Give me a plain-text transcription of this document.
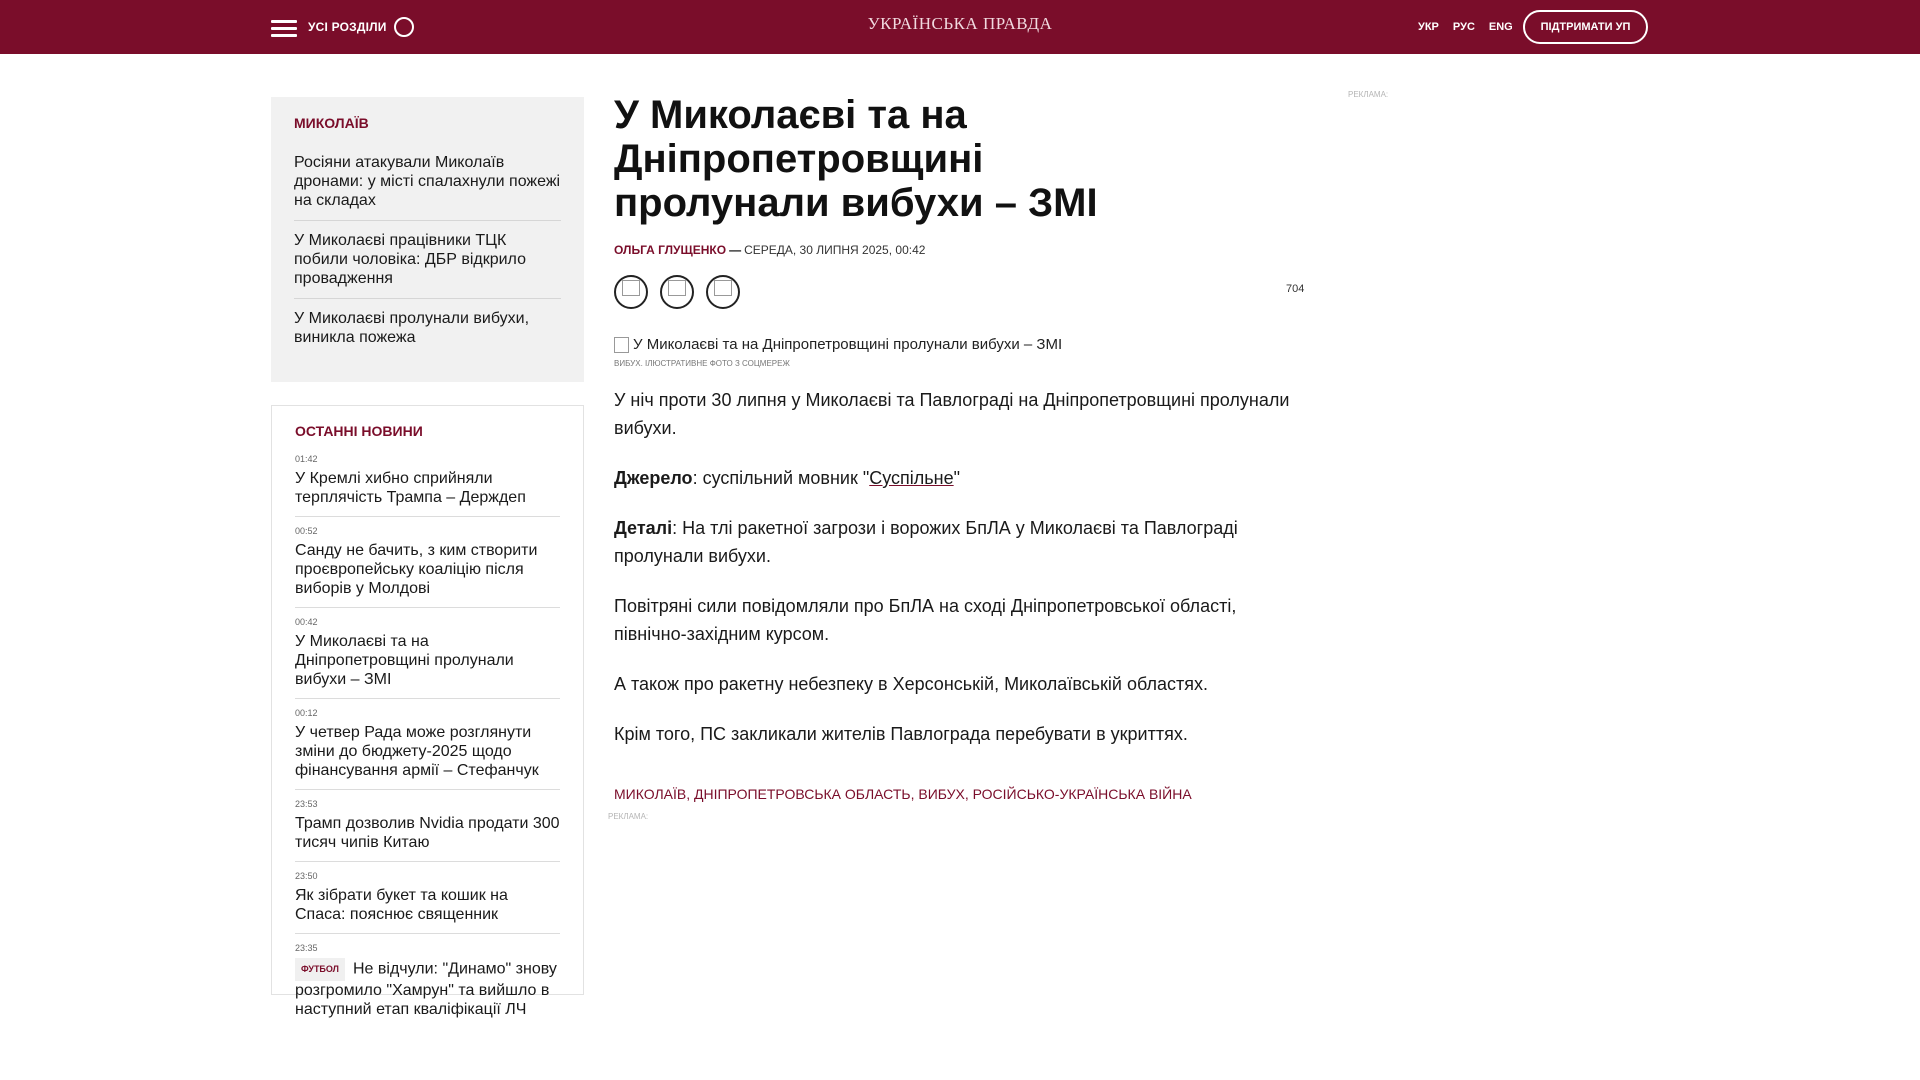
УСІ РОЗДІЛИ	УКРАЇНСЬКА ПРАВДА	УКР РУС ENG	ПІДТРИМАТИ УП
МИКОЛАЇВ
Росіяни атакували Миколаїв дронами: у місті спалахнули пожежі на складах
У Миколаєві працівники ТЦК побили чоловіка: ДБР відкрило провадження
У Миколаєві пролунали вибухи, виникла пожежа
ОСТАННІ НОВИНИ
01:42
У Кремлі хибно сприйняли терплячість Трампа – Держдеп
00:52
Санду не бачить, з ким створити проєвропейську коаліцію після виборів у Молдові
00:42
У Миколаєві та на Дніпропетровщині пролунали вибухи – ЗМІ
00:12
У четвер Рада може розглянути зміни до бюджету-2025 щодо фінансування армії – Стефанчук
23:53
Трамп дозволив Nvidia продати 300 тисяч чипів Китаю
23:50
Як зібрати букет та кошик на Спаса: пояснює священник
23:35
ФУТБОЛ Не відчули: "Динамо" знову розгромило "Хамрун" та вийшло в наступний етап кваліфікації ЛЧ
У Миколаєві та на Дніпропетровщині пролунали вибухи – ЗМІ
ОЛЬГА ГЛУЩЕНКО — СЕРЕДА, 30 ЛИПНЯ 2025, 00:42
704
У Миколаєві та на Дніпропетровщині пролунали вибухи – ЗМІ
ВИБУХ. ІЛЮСТРАТИВНЕ ФОТО З СОЦМЕРЕЖ

У ніч проти 30 липня у Миколаєві та Павлограді на Дніпропетровщині пролунали вибухи.

Джерело: суспільний мовник "Суспільне"

Деталі: На тлі ракетної загрози і ворожих БпЛА у Миколаєві та Павлограді пролунали вибухи.

Повітряні сили повідомляли про БпЛА на сході Дніпропетровської області, північно-західним курсом.

А також про ракетну небезпеку в Херсонській, Миколаївській областях.

Крім того, ПС закликали жителів Павлограда перебувати в укриттях.

МИКОЛАЇВ, ДНІПРОПЕТРОВСЬКА ОБЛАСТЬ, ВИБУХ, РОСІЙСЬКО-УКРАЇНСЬКА ВІЙНА
РЕКЛАМА:
РЕКЛАМА:
